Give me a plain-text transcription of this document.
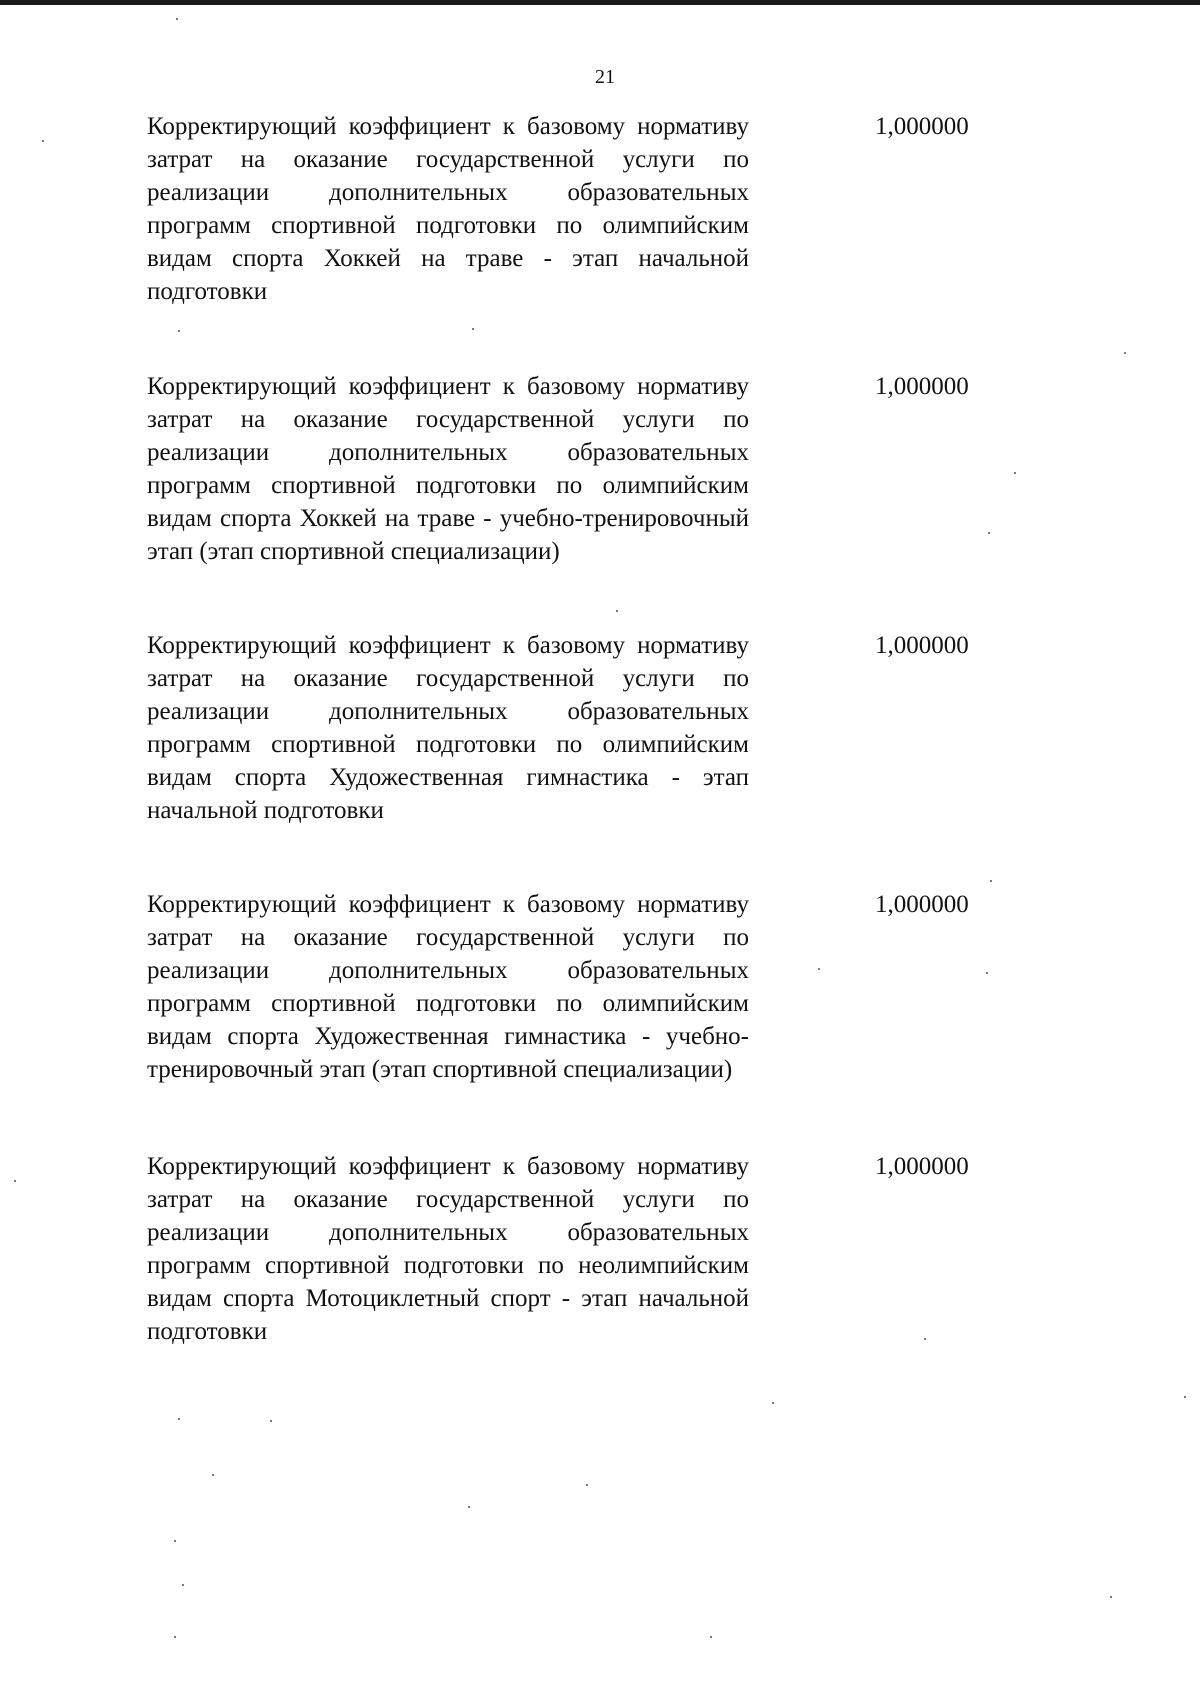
21
Корректирующий коэффициент к базовому нормативу затрат на оказание государственной услуги по реализации дополнительных образовательных программ спортивной подготовки по олимпийским видам спорта Хоккей на траве - этап начальной подготовки
1,000000
Корректирующий коэффициент к базовому нормативу затрат на оказание государственной услуги по реализации дополнительных образовательных программ спортивной подготовки по олимпийским видам спорта Хоккей на траве - учебно-тренировочный этап (этап спортивной специализации)
1,000000
Корректирующий коэффициент к базовому нормативу затрат на оказание государственной услуги по реализации дополнительных образовательных программ спортивной подготовки по олимпийским видам спорта Художественная гимнастика - этап начальной подготовки
1,000000
Корректирующий коэффициент к базовому нормативу затрат на оказание государственной услуги по реализации дополнительных образовательных программ спортивной подготовки по олимпийским видам спорта Художественная гимнастика - учебно-тренировочный этап (этап спортивной специализации)
1,000000
Корректирующий коэффициент к базовому нормативу затрат на оказание государственной услуги по реализации дополнительных образовательных программ спортивной подготовки по неолимпийским видам спорта Мотоциклетный спорт - этап начальной подготовки
1,000000
